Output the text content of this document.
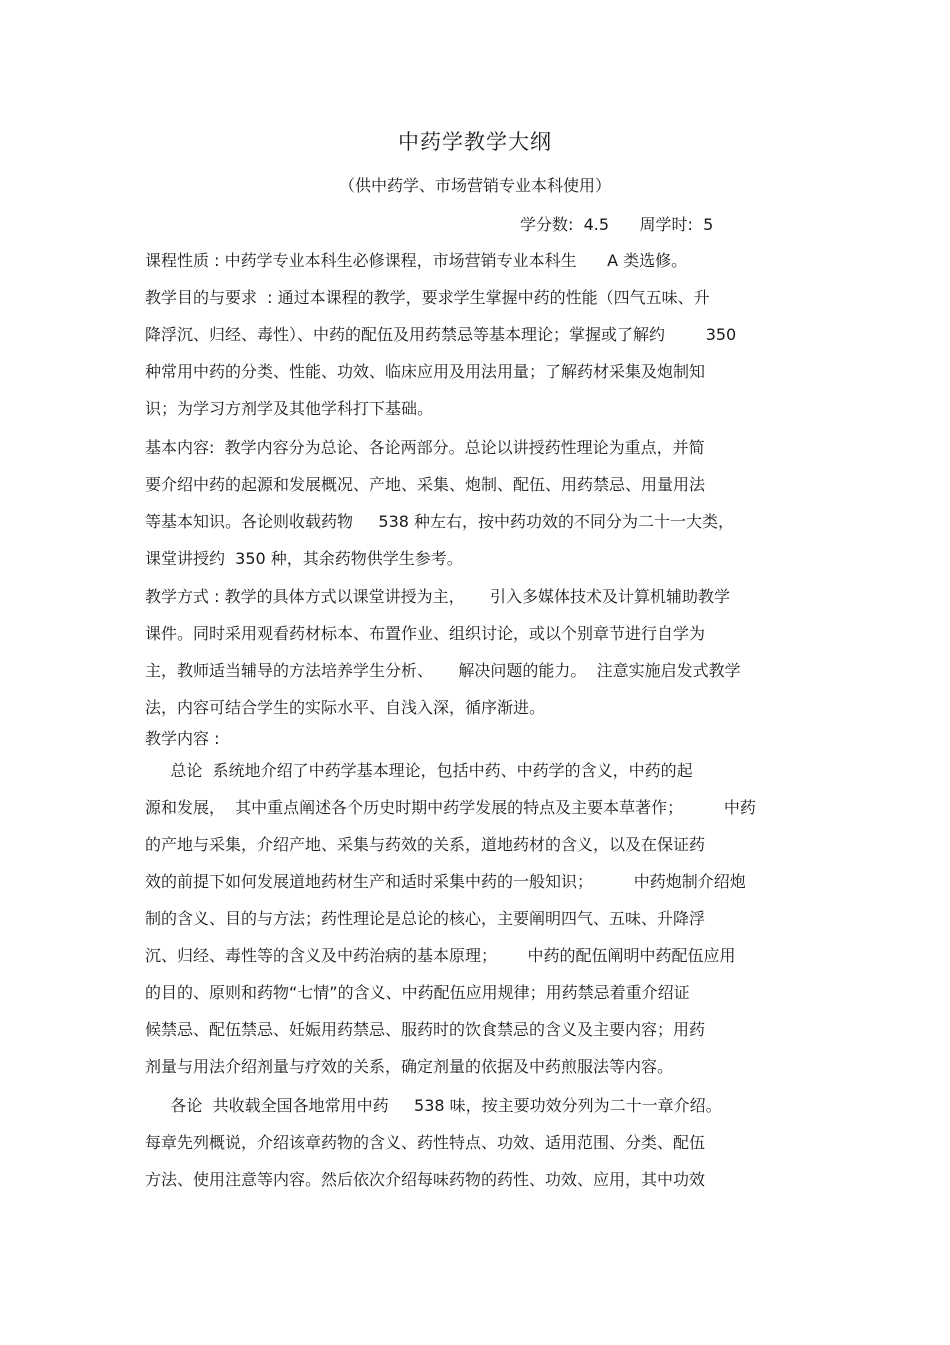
中药学教学大纲
（供中药学、市场营销专业本科使用）
学分数:  4.5      周学时:  5
课程性质 : 中药学专业本科生必修课程，市场营销专业本科生      A 类选修。
教学目的与要求  : 通过本课程的教学，要求学生掌握中药的性能（四气五味、升
降浮沉、归经、毒性）、中药的配伍及用药禁忌等基本理论；掌握或了解约        350
种常用中药的分类、性能、功效、临床应用及用法用量；了解药材采集及炮制知
识；为学习方剂学及其他学科打下基础。
基本内容:  教学内容分为总论、各论两部分。总论以讲授药性理论为重点，并简
要介绍中药的起源和发展概况、产地、采集、炮制、配伍、用药禁忌、用量用法
等基本知识。各论则收载药物     538 种左右，按中药功效的不同分为二十一大类，
课堂讲授约  350 种，其余药物供学生参考。
教学方式 : 教学的具体方式以课堂讲授为主，     引入多媒体技术及计算机辅助教学
课件。同时采用观看药材标本、布置作业、组织讨论，或以个别章节进行自学为
主，教师适当辅导的方法培养学生分析、     解决问题的能力。  注意实施启发式教学
法，内容可结合学生的实际水平、自浅入深，循序渐进。
教学内容 :
总论  系统地介绍了中药学基本理论，包括中药、中药学的含义，中药的起
源和发展，  其中重点阐述各个历史时期中药学发展的特点及主要本草著作；        中药
的产地与采集，介绍产地、采集与药效的关系，道地药材的含义，以及在保证药
效的前提下如何发展道地药材生产和适时采集中药的一般知识；        中药炮制介绍炮
制的含义、目的与方法；药性理论是总论的核心，主要阐明四气、五味、升降浮
沉、归经、毒性等的含义及中药治病的基本原理；      中药的配伍阐明中药配伍应用
的目的、原则和药物“七情”的含义、中药配伍应用规律；用药禁忌着重介绍证
候禁忌、配伍禁忌、妊娠用药禁忌、服药时的饮食禁忌的含义及主要内容；用药
剂量与用法介绍剂量与疗效的关系，确定剂量的依据及中药煎服法等内容。
各论  共收载全国各地常用中药     538 味，按主要功效分列为二十一章介绍。
每章先列概说，介绍该章药物的含义、药性特点、功效、适用范围、分类、配伍
方法、使用注意等内容。然后依次介绍每味药物的药性、功效、应用，其中功效
